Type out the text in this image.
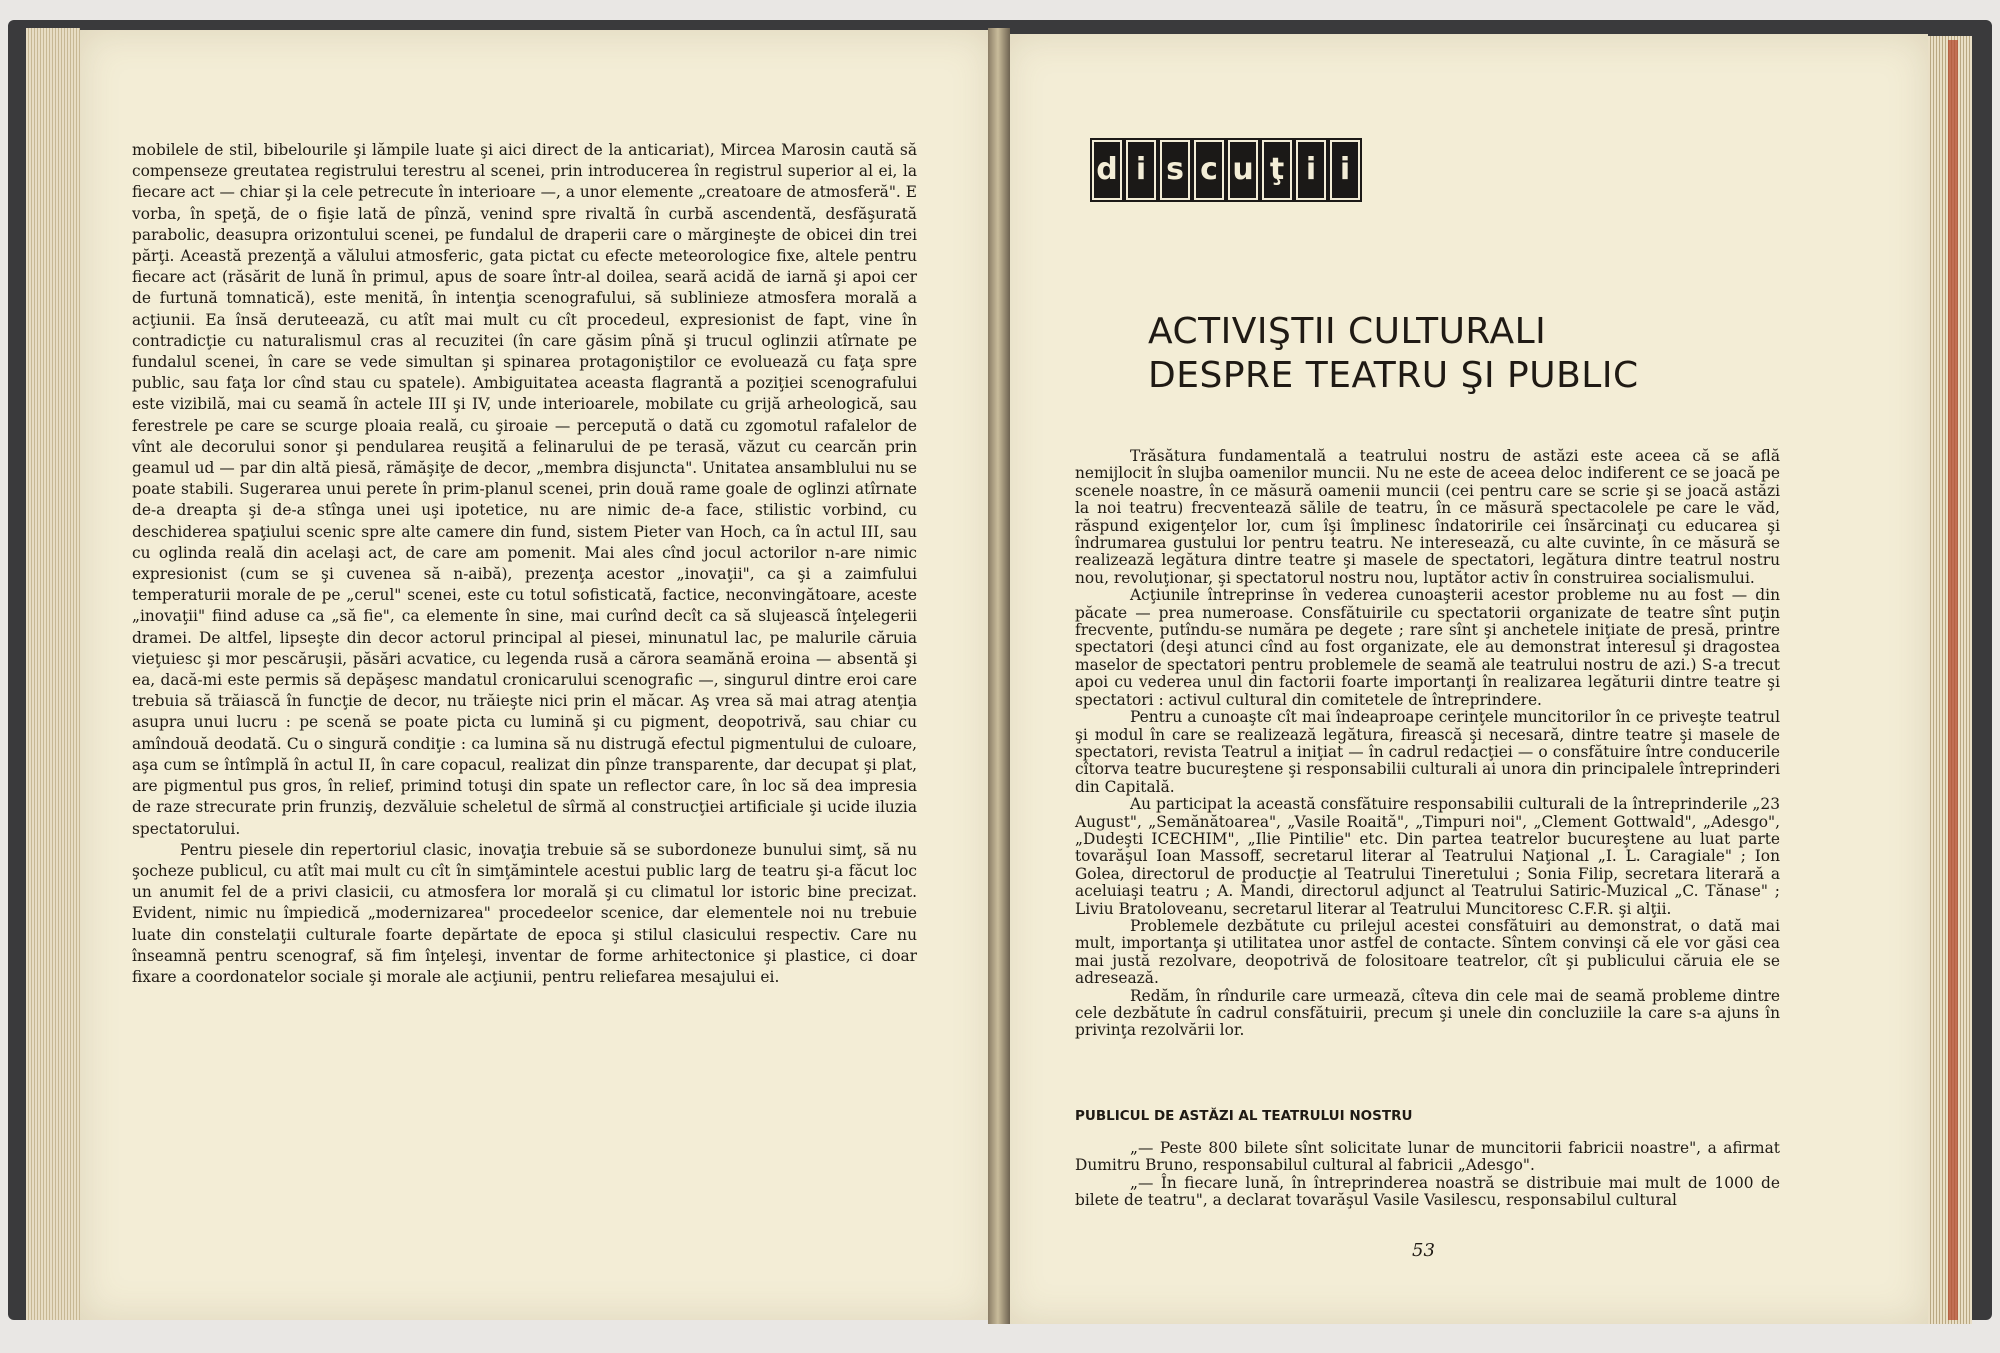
mobilele de stil, bibelourile şi lămpile luate şi aici direct de la anticariat), Mircea Marosin caută să compenseze greutatea registrului terestru al scenei, prin introducerea în registrul superior al ei, la fiecare act — chiar şi la cele petrecute în interioare —, a unor elemente „creatoare de atmosferă". E vorba, în speţă, de o fişie lată de pînză, venind spre rivaltă în curbă ascendentă, desfăşurată parabolic, deasupra orizontului scenei, pe fundalul de draperii care o mărgineşte de obicei din trei părţi. Această prezenţă a vălului atmosferic, gata pictat cu efecte meteorologice fixe, altele pentru fiecare act (răsărit de lună în primul, apus de soare într-al doilea, seară acidă de iarnă şi apoi cer de furtună tomnatică), este menită, în intenţia scenografului, să sublinieze atmosfera morală a acţiunii. Ea însă deruteează, cu atît mai mult cu cît procedeul, expresionist de fapt, vine în contradicţie cu naturalismul cras al recuzitei (în care găsim pînă şi trucul oglinzii atîrnate pe fundalul scenei, în care se vede simultan şi spinarea protagoniştilor ce evoluează cu faţa spre public, sau faţa lor cînd stau cu spatele). Ambiguitatea aceasta flagrantă a poziţiei scenografului este vizibilă, mai cu seamă în actele III şi IV, unde interioarele, mobilate cu grijă arheologică, sau ferestrele pe care se scurge ploaia reală, cu şiroaie — percepută o dată cu zgomotul rafalelor de vînt ale decorului sonor şi pendularea reuşită a felinarului de pe terasă, văzut cu cearcăn prin geamul ud — par din altă piesă, rămăşiţe de decor, „membra disjuncta". Unitatea ansamblului nu se poate stabili. Sugerarea unui perete în prim-planul scenei, prin două rame goale de oglinzi atîrnate de-a dreapta şi de-a stînga unei uşi ipotetice, nu are nimic de-a face, stilistic vorbind, cu deschiderea spaţiului scenic spre alte camere din fund, sistem Pieter van Hoch, ca în actul III, sau cu oglinda reală din acelaşi act, de care am pomenit. Mai ales cînd jocul actorilor n-are nimic expresionist (cum se şi cuvenea să n-aibă), prezenţa acestor „inovaţii", ca şi a zaimfului temperaturii morale de pe „cerul" scenei, este cu totul sofisticată, factice, neconvingătoare, aceste „inovaţii" fiind aduse ca „să fie", ca elemente în sine, mai curînd decît ca să slujească înţelegerii dramei. De altfel, lipseşte din decor actorul principal al piesei, minunatul lac, pe malurile căruia vieţuiesc şi mor pescăruşii, păsări acvatice, cu legenda rusă a cărora seamănă eroina — absentă şi ea, dacă-mi este permis să depăşesc mandatul cronicarului scenografic —, singurul dintre eroi care trebuia să trăiască în funcţie de decor, nu trăieşte nici prin el măcar. Aş vrea să mai atrag atenţia asupra unui lucru : pe scenă se poate picta cu lumină şi cu pigment, deopotrivă, sau chiar cu amîndouă deodată. Cu o singură condiţie : ca lumina să nu distrugă efectul pigmentului de culoare, aşa cum se întîmplă în actul II, în care copacul, realizat din pînze transparente, dar decupat şi plat, are pigmentul pus gros, în relief, primind totuşi din spate un reflector care, în loc să dea impresia de raze strecurate prin frunziş, dezvăluie scheletul de sîrmă al construcţiei artificiale şi ucide iluzia spectatorului.

Pentru piesele din repertoriul clasic, inovaţia trebuie să se subordoneze bunului simţ, să nu şocheze publicul, cu atît mai mult cu cît în simţămintele acestui public larg de teatru şi-a făcut loc un anumit fel de a privi clasicii, cu atmosfera lor morală şi cu climatul lor istoric bine precizat. Evident, nimic nu împiedică „modernizarea" procedeelor scenice, dar elementele noi nu trebuie luate din constelaţii culturale foarte depărtate de epoca şi stilul clasicului respectiv. Care nu înseamnă pentru scenograf, să fim înţeleşi, inventar de forme arhitectonice şi plastice, ci doar fixare a coordonatelor sociale şi morale ale acţiunii, pentru reliefarea mesajului ei.

d i s c u ţ i i
ACTIVIŞTII CULTURALI
DESPRE TEATRU ŞI PUBLIC

Trăsătura fundamentală a teatrului nostru de astăzi este aceea că se află nemijlocit în slujba oamenilor muncii. Nu ne este de aceea deloc indiferent ce se joacă pe scenele noastre, în ce măsură oamenii muncii (cei pentru care se scrie şi se joacă astăzi la noi teatru) frecventează sălile de teatru, în ce măsură spectacolele pe care le văd, răspund exigenţelor lor, cum îşi împlinesc îndatoririle cei însărcinaţi cu educarea şi îndrumarea gustului lor pentru teatru. Ne interesează, cu alte cuvinte, în ce măsură se realizează legătura dintre teatre şi masele de spectatori, legătura dintre teatrul nostru nou, revoluţionar, şi spectatorul nostru nou, luptător activ în construirea socialismului.

Acţiunile întreprinse în vederea cunoaşterii acestor probleme nu au fost — din păcate — prea numeroase. Consfătuirile cu spectatorii organizate de teatre sînt puţin frecvente, putîndu-se număra pe degete ; rare sînt şi anchetele iniţiate de presă, printre spectatori (deşi atunci cînd au fost organizate, ele au demonstrat interesul şi dragostea maselor de spectatori pentru problemele de seamă ale teatrului nostru de azi.) S-a trecut apoi cu vederea unul din factorii foarte importanţi în realizarea legăturii dintre teatre şi spectatori : activul cultural din comitetele de întreprindere.

Pentru a cunoaşte cît mai îndeaproape cerinţele muncitorilor în ce priveşte teatrul şi modul în care se realizează legătura, firească şi necesară, dintre teatre şi masele de spectatori, revista Teatrul a iniţiat — în cadrul redacţiei — o consfătuire între conducerile cîtorva teatre bucureştene şi responsabilii culturali ai unora din principalele întreprinderi din Capitală.

Au participat la această consfătuire responsabilii culturali de la întreprinderile „23 August", „Semănătoarea", „Vasile Roaită", „Timpuri noi", „Clement Gottwald", „Adesgo", „Dudeşti ICECHIM", „Ilie Pintilie" etc. Din partea teatrelor bucureştene au luat parte tovarăşul Ioan Massoff, secretarul literar al Teatrului Naţional „I. L. Caragiale" ; Ion Golea, directorul de producţie al Teatrului Tineretului ; Sonia Filip, secretara literară a aceluiaşi teatru ; A. Mandi, directorul adjunct al Teatrului Satiric-Muzical „C. Tănase" ; Liviu Bratoloveanu, secretarul literar al Teatrului Muncitoresc C.F.R. şi alţii.

Problemele dezbătute cu prilejul acestei consfătuiri au demonstrat, o dată mai mult, importanţa şi utilitatea unor astfel de contacte. Sîntem convinşi că ele vor găsi cea mai justă rezolvare, deopotrivă de folositoare teatrelor, cît şi publicului căruia ele se adresează.

Redăm, în rîndurile care urmează, cîteva din cele mai de seamă probleme dintre cele dezbătute în cadrul consfătuirii, precum şi unele din concluziile la care s-a ajuns în privinţa rezolvării lor.

PUBLICUL DE ASTĂZI AL TEATRULUI NOSTRU

„— Peste 800 bilete sînt solicitate lunar de muncitorii fabricii noastre", a afirmat Dumitru Bruno, responsabilul cultural al fabricii „Adesgo".

„— În fiecare lună, în întreprinderea noastră se distribuie mai mult de 1000 de bilete de teatru", a declarat tovarăşul Vasile Vasilescu, responsabilul cultural

53
